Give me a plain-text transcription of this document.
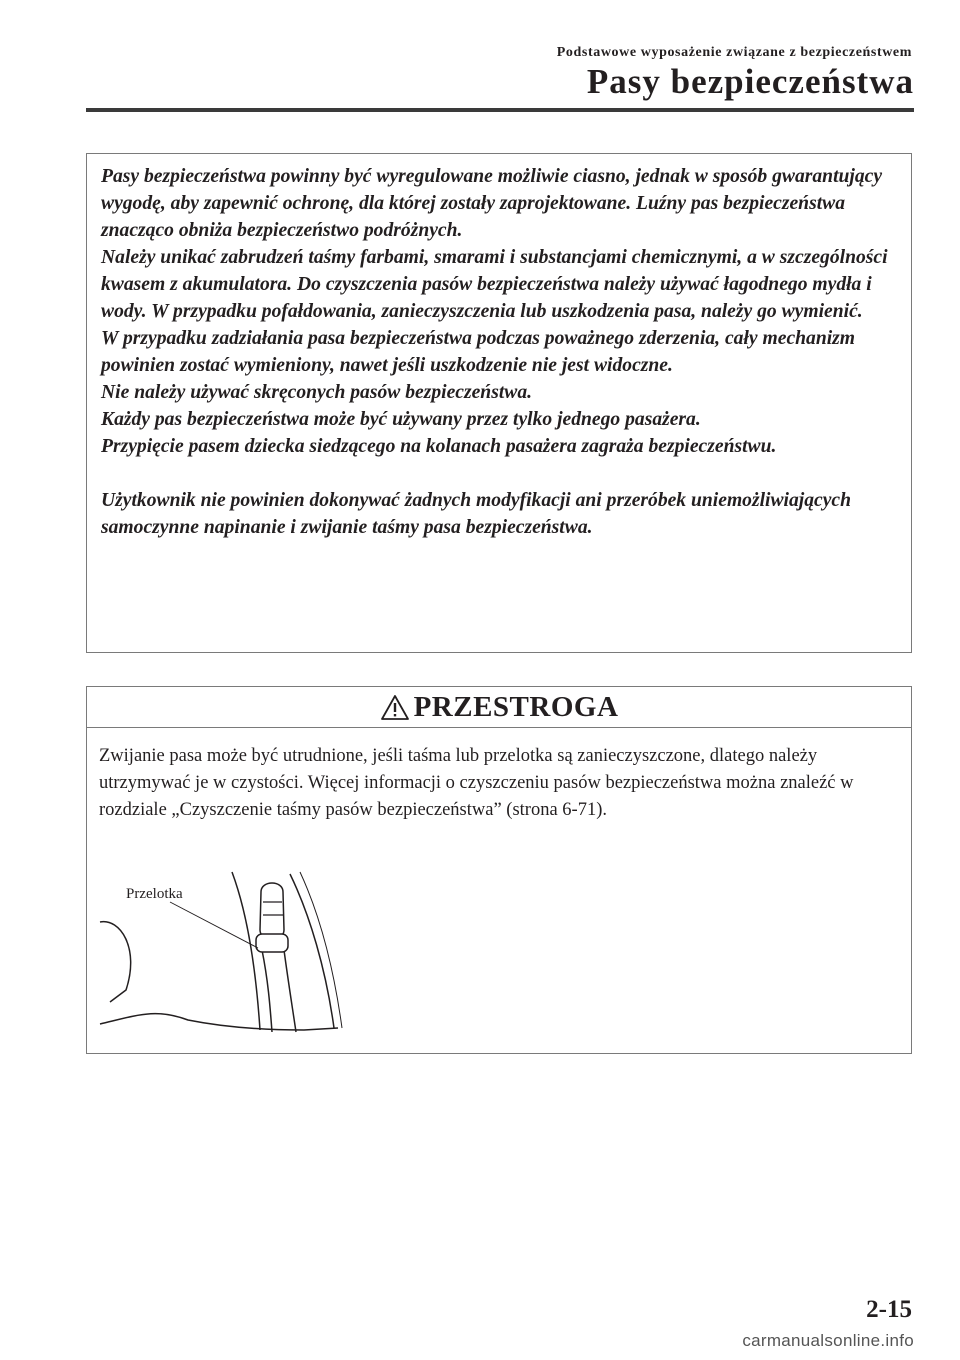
Podstawowe wyposażenie związane z bezpieczeństwem
Pasy bezpieczeństwa

Pasy bezpieczeństwa powinny być wyregulowane możliwie ciasno, jednak w sposób gwarantujący wygodę, aby zapewnić ochronę, dla której zostały zaprojektowane. Luźny pas bezpieczeństwa znacząco obniża bezpieczeństwo podróżnych.

Należy unikać zabrudzeń taśmy farbami, smarami i substancjami chemicznymi, a w szczególności kwasem z akumulatora. Do czyszczenia pasów bezpieczeństwa należy używać łagodnego mydła i wody. W przypadku pofałdowania, zanieczyszczenia lub uszkodzenia pasa, należy go wymienić.

W przypadku zadziałania pasa bezpieczeństwa podczas poważnego zderzenia, cały mechanizm powinien zostać wymieniony, nawet jeśli uszkodzenie nie jest widoczne.

Nie należy używać skręconych pasów bezpieczeństwa.

Każdy pas bezpieczeństwa może być używany przez tylko jednego pasażera.

Przypięcie pasem dziecka siedzącego na kolanach pasażera zagraża bezpieczeństwu.

Użytkownik nie powinien dokonywać żadnych modyfikacji ani przeróbek uniemożliwiających samoczynne napinanie i zwijanie taśmy pasa bezpieczeństwa.

PRZESTROGA
Zwijanie pasa może być utrudnione, jeśli taśma lub przelotka są zanieczyszczone, dlatego należy utrzymywać je w czystości. Więcej informacji o czyszczeniu pasów bezpieczeństwa można znaleźć w rozdziale „Czyszczenie taśmy pasów bezpieczeństwa” (strona 6-71).
Przelotka
2-15
carmanualsonline.info
